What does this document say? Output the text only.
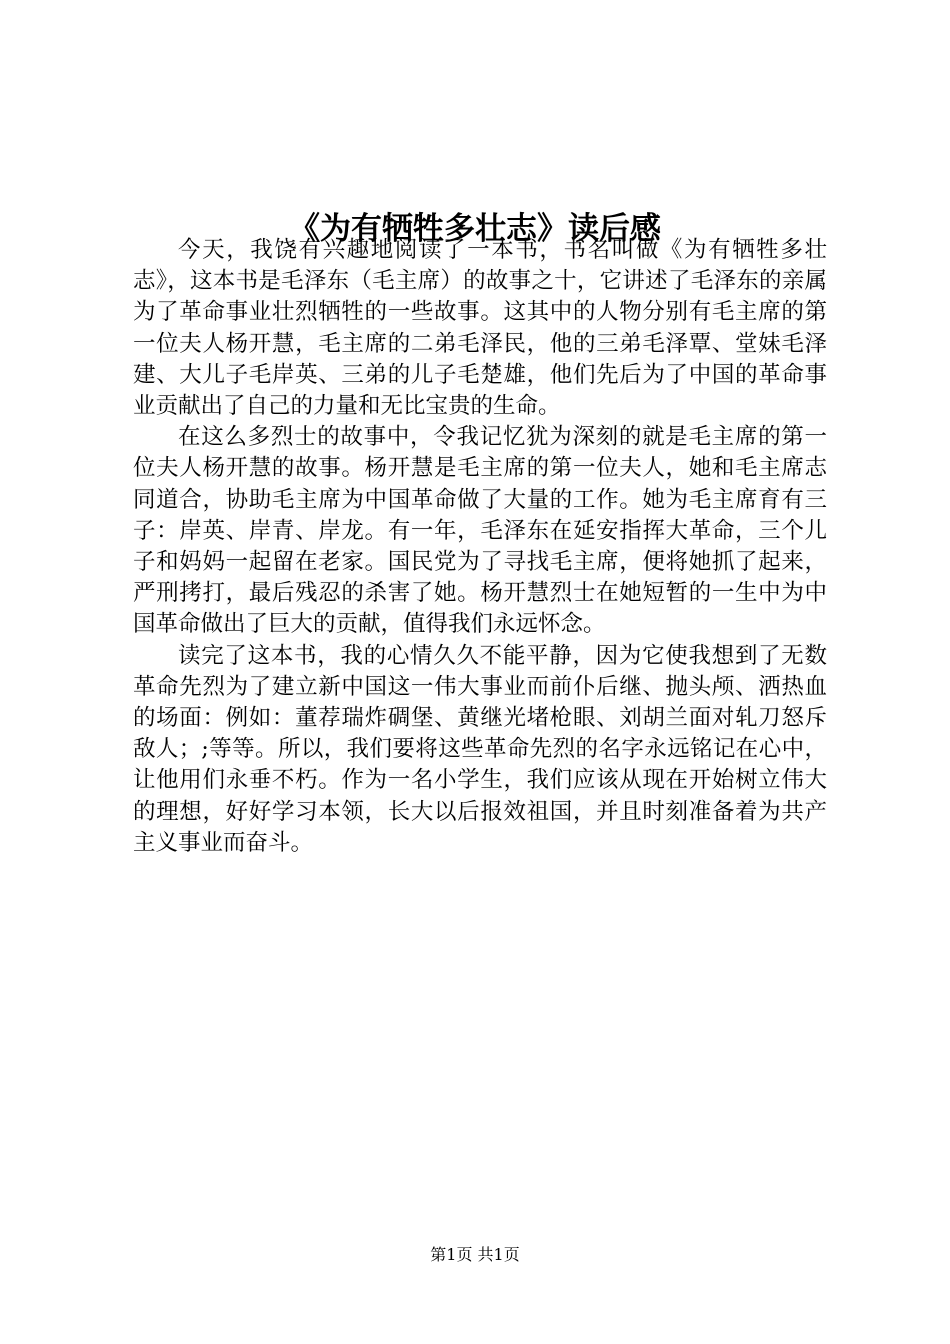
《为有牺牲多壮志》读后感

今天，我饶有兴趣地阅读了一本书，书名叫做《为有牺牲多壮志》，这本书是毛泽东（毛主席）的故事之十，它讲述了毛泽东的亲属为了革命事业壮烈牺牲的一些故事。这其中的人物分别有毛主席的第一位夫人杨开慧，毛主席的二弟毛泽民，他的三弟毛泽覃、堂妹毛泽建、大儿子毛岸英、三弟的儿子毛楚雄，他们先后为了中国的革命事业贡献出了自己的力量和无比宝贵的生命。

在这么多烈士的故事中，令我记忆犹为深刻的就是毛主席的第一位夫人杨开慧的故事。杨开慧是毛主席的第一位夫人，她和毛主席志同道合，协助毛主席为中国革命做了大量的工作。她为毛主席育有三子：岸英、岸青、岸龙。有一年，毛泽东在延安指挥大革命，三个儿子和妈妈一起留在老家。国民党为了寻找毛主席，便将她抓了起来，严刑拷打，最后残忍的杀害了她。杨开慧烈士在她短暂的一生中为中国革命做出了巨大的贡献，值得我们永远怀念。

读完了这本书，我的心情久久不能平静，因为它使我想到了无数革命先烈为了建立新中国这一伟大事业而前仆后继、抛头颅、洒热血的场面：例如：董荐瑞炸碉堡、黄继光堵枪眼、刘胡兰面对轧刀怒斥敌人；;等等。所以，我们要将这些革命先烈的名字永远铭记在心中，让他用们永垂不朽。作为一名小学生，我们应该从现在开始树立伟大的理想，好好学习本领，长大以后报效祖国，并且时刻准备着为共产主义事业而奋斗。

第1页 共1页
